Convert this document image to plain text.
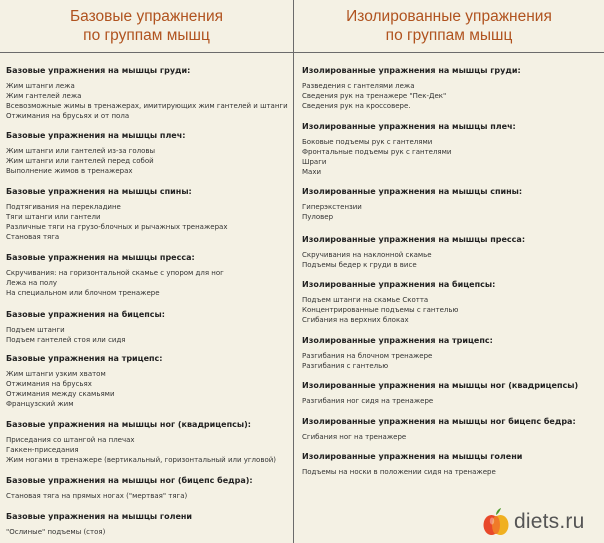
Базовые упражнения
по группам мышц
Изолированные упражнения
по группам мышц
Базовые упражнения на мышцы груди:
Жим штанги лежа
Жим гантелей лежа
Всевозможные жимы в тренажерах, имитирующих жим гантелей и штанги
Отжимания на брусьях и от пола
Базовые упражнения на мышцы плеч:
Жим штанги или гантелей из-за головы
Жим штанги или гантелей перед собой
Выполнение жимов в тренажерах
Базовые упражнения на мышцы спины:
Подтягивания на перекладине
Тяги штанги или гантели
Различные тяги на грузо-блочных и рычажных тренажерах
Становая тяга
Базовые упражнения на мышцы пресса:
Скручивания: на горизонтальной скамье с упором для ног
Лежа на полу
На специальном или блочном тренажере
Базовые упражнения на бицепсы:
Подъем штанги
Подъем гантелей стоя или сидя
Базовые упражнения на трицепс:
Жим штанги узким хватом
Отжимания на брусьях
Отжимания между скамьями
Французский жим
Базовые упражнения на мышцы ног (квадрицепсы):
Приседания со штангой на плечах
Гаккен-приседания
Жим ногами в тренажере (вертикальный, горизонтальный или угловой)
Базовые упражнения на мышцы ног (бицепс бедра):
Становая тяга на прямых ногах ("мертвая" тяга)
Базовые упражнения на мышцы голени
"Ослиные" подъемы (стоя)
Изолированные упражнения на мышцы груди:
Разведения с гантелями лежа
Сведения рук на тренажере "Пек-Дек"
Сведения рук на кроссовере.
Изолированные упражнения на мышцы плеч:
Боковые подъемы рук с гантелями
Фронтальные подъемы рук с гантелями
Шраги
Махи
Изолированные упражнения на мышцы спины:
Гиперэкстензии
Пуловер
Изолированные упражнения на мышцы пресса:
Скручивания на наклонной скамье
Подъемы бедер к груди в висе
Изолированные упражнения на бицепсы:
Подъем штанги на скамье Скотта
Концентрированные подъемы с гантелью
Сгибания на верхних блоках
Изолированные упражнения на трицепс:
Разгибания на блочном тренажере
Разгибания с гантелью
Изолированные упражнения на мышцы ног (квадрицепсы)
Разгибания ног сидя на тренажере
Изолированные упражнения на мышцы ног бицепс бедра:
Сгибания ног на тренажере
Изолированные упражнения на мышцы голени
Подъемы на носки в положении сидя на тренажере
diets.ru
